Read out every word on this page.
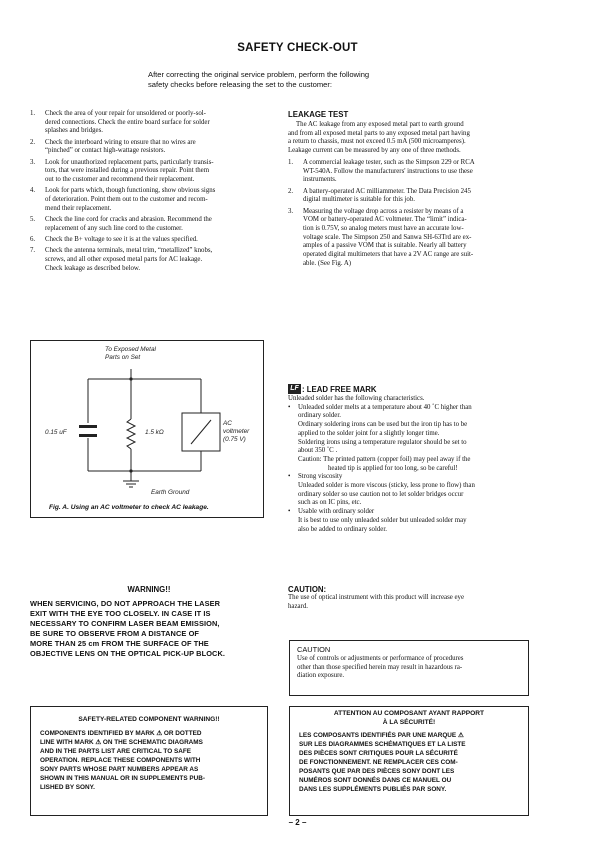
SAFETY CHECK-OUT
After correcting the original service problem, perform the following
safety checks before releasing the set to the customer:
1. Check the area of your repair for unsoldered or poorly-sol-
dered connections. Check the entire board surface for solder
splashes and bridges.
2. Check the interboard wiring to ensure that no wires are
“pinched” or contact high-wattage resistors.
3. Look for unauthorized replacement parts, particularly transis-
tors, that were installed during a previous repair. Point them
out to the customer and recommend their replacement.
4. Look for parts which, though functioning, show obvious signs
of deterioration. Point them out to the customer and recom-
mend their replacement.
5. Check the line cord for cracks and abrasion. Recommend the
replacement of any such line cord to the customer.
6. Check the B+ voltage to see it is at the values specified.
7. Check the antenna terminals, metal trim, “metallized” knobs,
screws, and all other exposed metal parts for AC leakage.
Check leakage as described below.
LEAKAGE TEST
The AC leakage from any exposed metal part to earth ground
and from all exposed metal parts to any exposed metal part having
a return to chassis, must not exceed 0.5 mA (500 microamperes).
Leakage current can be measured by any one of three methods.
1. A commercial leakage tester, such as the Simpson 229 or RCA
WT-540A. Follow the manufacturers' instructions to use these
instruments.
2. A battery-operated AC milliammeter. The Data Precision 245
digital multimeter is suitable for this job.
3. Measuring the voltage drop across a resister by means of a
VOM or battery-operated AC voltmeter. The “limit” indica-
tion is 0.75V, so analog meters must have an accurate low-
voltage scale. The Simpson 250 and Sanwa SH-63Trd are ex-
amples of a passive VOM that is suitable. Nearly all battery
operated digital multimeters that have a 2V AC range are suit-
able. (See Fig. A)
To Exposed Metal
Parts on Set
0.15 uF	1.5 kΩ
AC
voltmeter
(0.75 V)
Earth Ground
Fig. A. Using an AC voltmeter to check AC leakage.
LF : LEAD FREE MARK
Unleaded solder has the following characteristics.
• Unleaded solder melts at a temperature about 40 ˚C higher than
ordinary solder.
Ordinary soldering irons can be used but the iron tip has to be
applied to the solder joint for a slightly longer time.
Soldering irons using a temperature regulator should be set to
about 350 ˚C .
Caution: The printed pattern (copper foil) may peel away if the
heated tip is applied for too long, so be careful!
• Strong viscosity
Unleaded solder is more viscous (sticky, less prone to flow) than
ordinary solder so use caution not to let solder bridges occur
such as on IC pins, etc.
• Usable with ordinary solder
It is best to use only unleaded solder but unleaded solder may
also be added to ordinary solder.
WARNING!!
WHEN SERVICING, DO NOT APPROACH THE LASER
EXIT WITH THE EYE TOO CLOSELY. IN CASE IT IS
NECESSARY TO CONFIRM LASER BEAM EMISSION,
BE SURE TO OBSERVE FROM A DISTANCE OF
MORE THAN 25 cm FROM THE SURFACE OF THE
OBJECTIVE LENS ON THE OPTICAL PICK-UP BLOCK.
CAUTION:
The use of optical instrument with this product will increase eye
hazard.
CAUTION
Use of controls or adjustments or performance of procedures
other than those specified herein may result in hazardous ra-
diation exposure.
SAFETY-RELATED COMPONENT WARNING!!
COMPONENTS IDENTIFIED BY MARK ⚠ OR DOTTED
LINE WITH MARK ⚠ ON THE SCHEMATIC DIAGRAMS
AND IN THE PARTS LIST ARE CRITICAL TO SAFE
OPERATION. REPLACE THESE COMPONENTS WITH
SONY PARTS WHOSE PART NUMBERS APPEAR AS
SHOWN IN THIS MANUAL OR IN SUPPLEMENTS PUB-
LISHED BY SONY.
ATTENTION AU COMPOSANT AYANT RAPPORT
À LA SÉCURITÉ!
LES COMPOSANTS IDENTIFIÉS PAR UNE MARQUE ⚠
SUR LES DIAGRAMMES SCHÉMATIQUES ET LA LISTE
DES PIÈCES SONT CRITIQUES POUR LA SÉCURITÉ
DE FONCTIONNEMENT. NE REMPLACER CES COM-
POSANTS QUE PAR DES PIÈCES SONY DONT LES
NUMÉROS SONT DONNÉS DANS CE MANUEL OU
DANS LES SUPPLÉMENTS PUBLIÉS PAR SONY.
– 2 –
